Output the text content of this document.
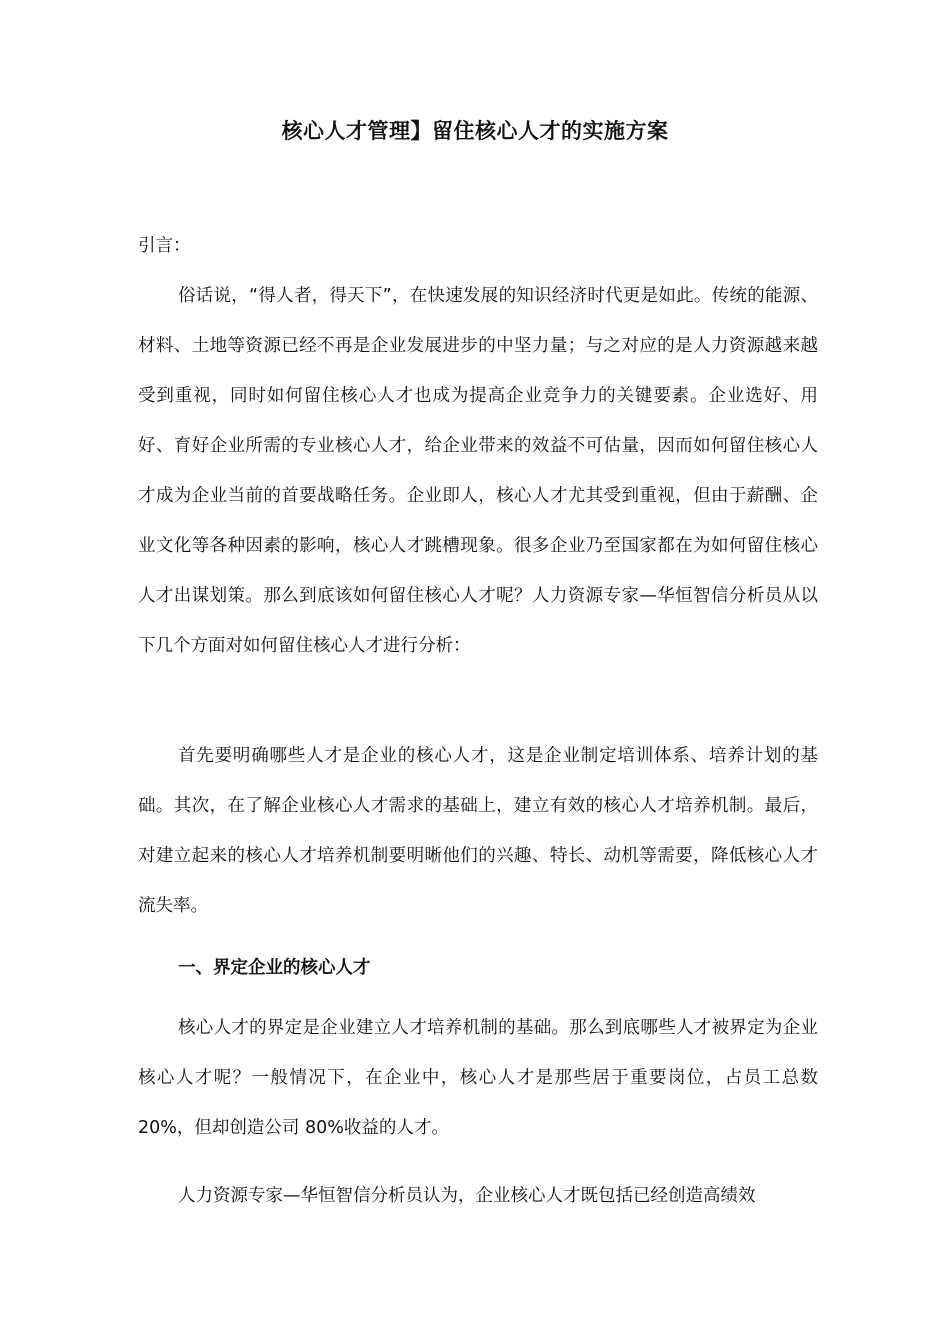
核心人才管理】留住核心人才的实施方案
引言：

俗话说，“得人者，得天下”，在快速发展的知识经济时代更是如此。传统的能源、材料、土地等资源已经不再是企业发展进步的中坚力量；与之对应的是人力资源越来越受到重视，同时如何留住核心人才也成为提高企业竞争力的关键要素。企业选好、用好、育好企业所需的专业核心人才，给企业带来的效益不可估量，因而如何留住核心人才成为企业当前的首要战略任务。企业即人，核心人才尤其受到重视，但由于薪酬、企业文化等各种因素的影响，核心人才跳槽现象。很多企业乃至国家都在为如何留住核心人才出谋划策。那么到底该如何留住核心人才呢？人力资源专家—华恒智信分析员从以下几个方面对如何留住核心人才进行分析：

首先要明确哪些人才是企业的核心人才，这是企业制定培训体系、培养计划的基础。其次，在了解企业核心人才需求的基础上，建立有效的核心人才培养机制。最后，对建立起来的核心人才培养机制要明晰他们的兴趣、特长、动机等需要，降低核心人才流失率。

一、界定企业的核心人才

核心人才的界定是企业建立人才培养机制的基础。那么到底哪些人才被界定为企业核心人才呢？一般情况下，在企业中，核心人才是那些居于重要岗位，占员工总数 20%，但却创造公司 80%收益的人才。

人力资源专家—华恒智信分析员认为，企业核心人才既包括已经创造高绩效
